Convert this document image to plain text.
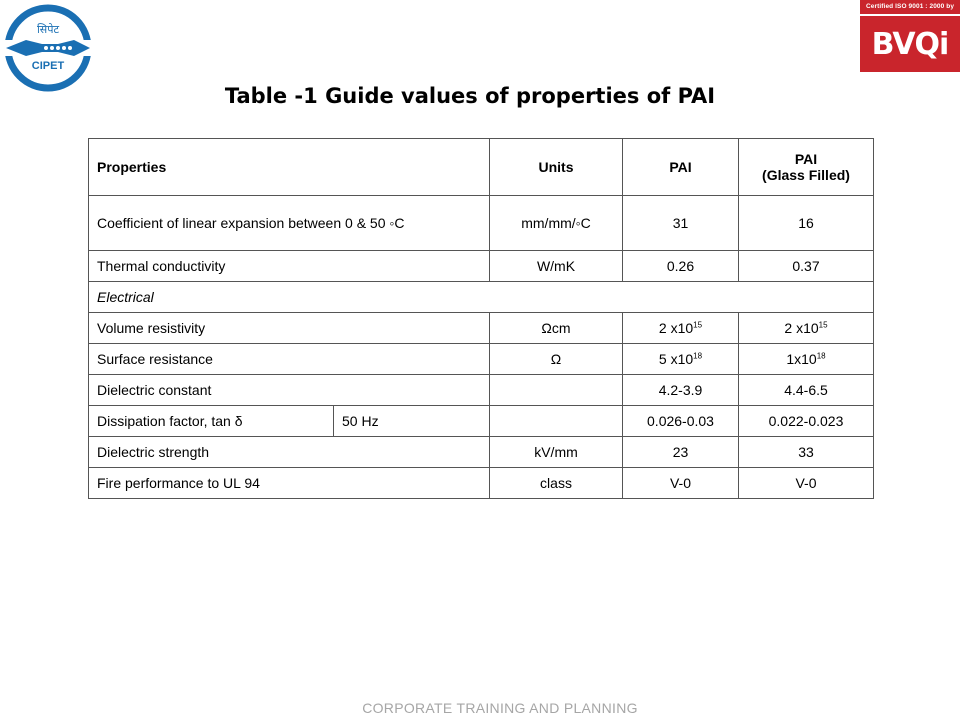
सिपेट
CIPET
Certified ISO 9001 : 2000 by
BVQi
Table -1 Guide values of properties of PAI
Properties		Units	PAI	PAI
(Glass Filled)
Coefficient of linear expansion between 0 & 50 ◦C		mm/mm/◦C	31	16
Thermal conductivity		W/mK	0.26	0.37
Electrical				
Volume resistivity		Ωcm	2 $x10^{15}$	2 $x10^{15}$
Surface resistance		Ω	5 $x10^{18}$	$1x10^{18}$
Dielectric constant			4.2-3.9	4.4-6.5
Dissipation factor, tan δ	50 Hz		0.026-0.03	0.022-0.023
Dielectric strength		kV/mm	23	33
Fire performance to UL 94		class	V-0	V-0
CORPORATE TRAINING AND PLANNING
